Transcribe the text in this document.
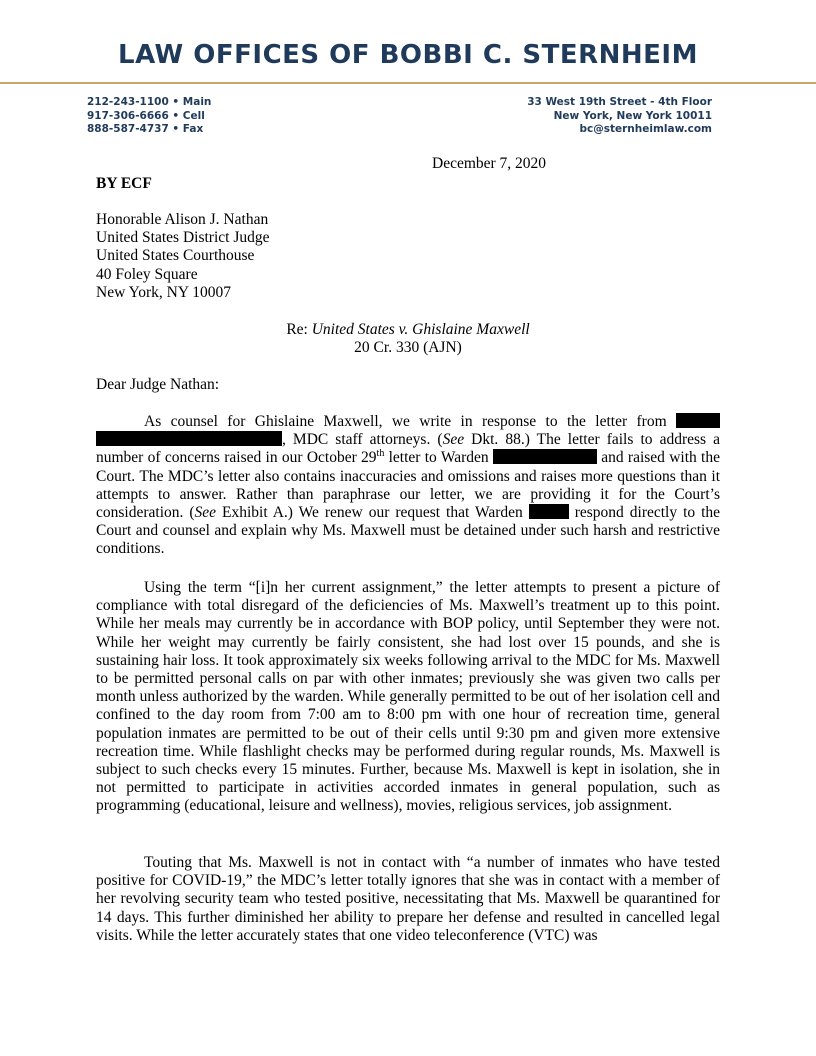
LAW OFFICES OF BOBBI C. STERNHEIM
212-243-1100 • Main
917-306-6666 • Cell
888-587-4737 • Fax
33 West 19th Street - 4th Floor
New York, New York 10011
bc@sternheimlaw.com
December 7, 2020
BY ECF
Honorable Alison J. Nathan
United States District Judge
United States Courthouse
40 Foley Square
New York, NY 10007
Re: United States v. Ghislaine Maxwell
20 Cr. 330 (AJN)
Dear Judge Nathan:
As counsel for Ghislaine Maxwell, we write in response to the letter from  , MDC staff attorneys. (See Dkt. 88.) The letter fails to address a number of concerns raised in our October 29th letter to Warden	and raised with the Court. The MDC’s letter also contains inaccuracies and omissions and raises more questions than it attempts to answer. Rather than paraphrase our letter, we are providing it for the Court’s consideration. (See Exhibit A.) We renew our request that Warden	respond directly to the Court and counsel and explain why Ms. Maxwell must be detained under such harsh and restrictive conditions.
Using the term “[i]n her current assignment,” the letter attempts to present a picture of compliance with total disregard of the deficiencies of Ms. Maxwell’s treatment up to this point. While her meals may currently be in accordance with BOP policy, until September they were not. While her weight may currently be fairly consistent, she had lost over 15 pounds, and she is sustaining hair loss. It took approximately six weeks following arrival to the MDC for Ms. Maxwell to be permitted personal calls on par with other inmates; previously she was given two calls per month unless authorized by the warden. While generally permitted to be out of her isolation cell and confined to the day room from 7:00 am to 8:00 pm with one hour of recreation time, general population inmates are permitted to be out of their cells until 9:30 pm and given more extensive recreation time. While flashlight checks may be performed during regular rounds, Ms. Maxwell is subject to such checks every 15 minutes. Further, because Ms. Maxwell is kept in isolation, she in not permitted to participate in activities accorded inmates in general population, such as programming (educational, leisure and wellness), movies, religious services, job assignment.
Touting that Ms. Maxwell is not in contact with “a number of inmates who have tested positive for COVID-19,” the MDC’s letter totally ignores that she was in contact with a member of her revolving security team who tested positive, necessitating that Ms. Maxwell be quarantined for 14 days. This further diminished her ability to prepare her defense and resulted in cancelled legal visits. While the letter accurately states that one video teleconference (VTC) was
